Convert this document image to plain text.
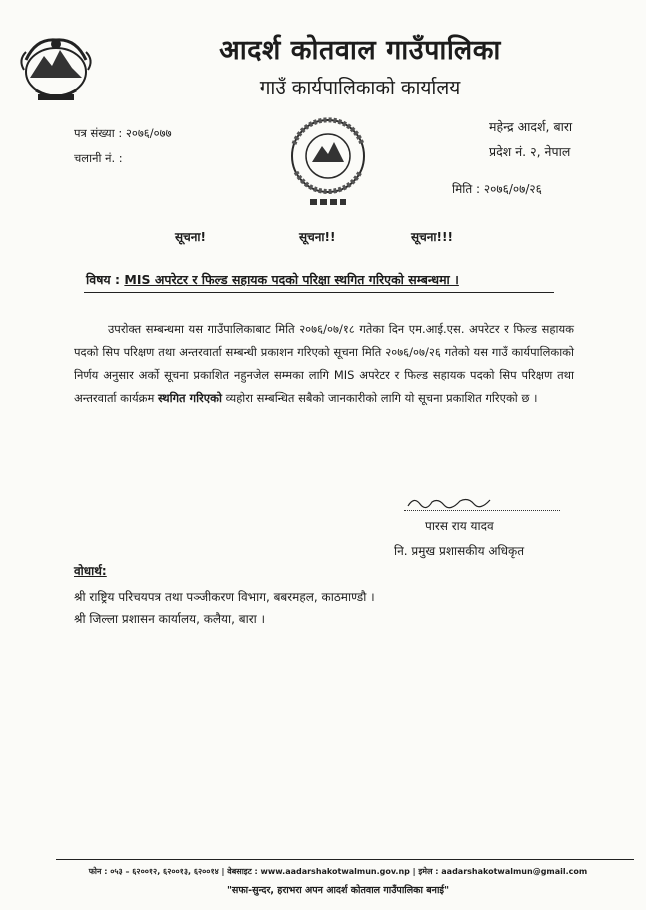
आदर्श कोतवाल गाउँपालिका
गाउँ कार्यपालिकाको कार्यालय
पत्र संख्या : २०७६/०७७
चलानी नं. :
महेन्द्र आदर्श, बारा
प्रदेश नं. २, नेपाल
मिति : २०७६/०७/२६
सूचना!	सूचना!!	सूचना!!!
विषय : MIS अपरेटर र फिल्ड सहायक पदको परिक्षा स्थगित गरिएको सम्बन्धमा ।
उपरोक्त सम्बन्धमा यस गाउँपालिकाबाट मिति २०७६/०७/१८ गतेका दिन एम.आई.एस. अपरेटर र फिल्ड सहायक पदको सिप परिक्षण तथा अन्तरवार्ता सम्बन्धी प्रकाशन गरिएको सूचना मिति २०७६/०७/२६ गतेको यस गाउँ कार्यपालिकाको निर्णय अनुसार अर्को सूचना प्रकाशित नहुनजेल सम्मका लागि MIS अपरेटर र फिल्ड सहायक पदको सिप परिक्षण तथा अन्तरवार्ता कार्यक्रम स्थगित गरिएको व्यहोरा सम्बन्धित सबैको जानकारीको लागि यो सूचना प्रकाशित गरिएको छ ।
पारस राय यादव
नि. प्रमुख प्रशासकीय अधिकृत
वोधार्थ:
श्री राष्ट्रिय परिचयपत्र तथा पञ्जीकरण विभाग, बबरमहल, काठमाण्डौ ।
श्री जिल्ला प्रशासन कार्यालय, कलैया, बारा ।
फोन : ०५३ – ६२००१२, ६२००१३, ६२००१४ | वेबसाइट : www.aadarshakotwalmun.gov.np | इमेल : aadarshakotwalmun@gmail.com
"सफा-सुन्दर, हराभरा अपन आदर्श कोतवाल गाउँपालिका बनाई"
